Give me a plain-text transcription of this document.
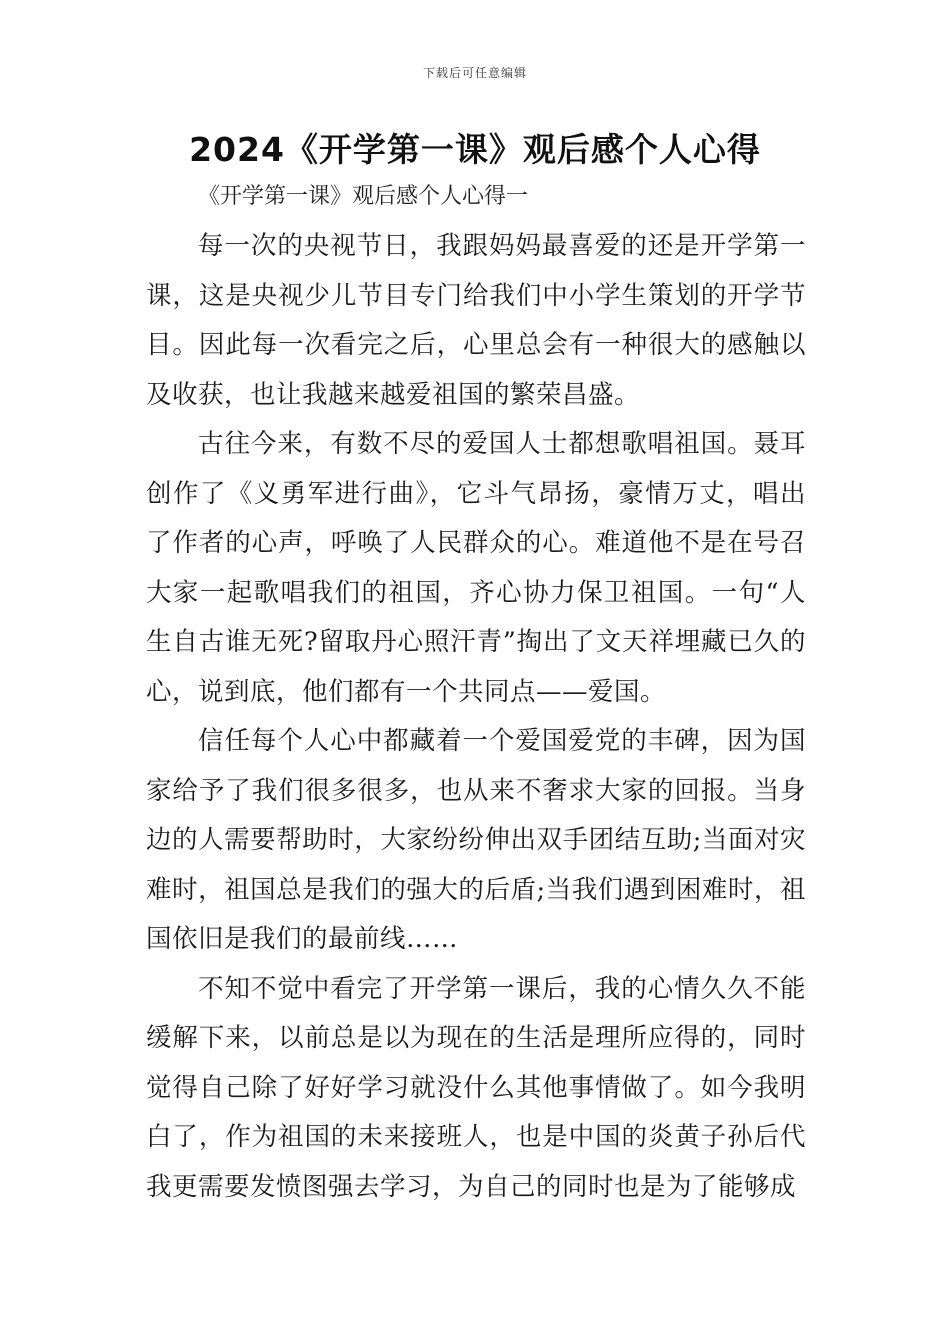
下载后可任意编辑
2024《开学第一课》观后感个人心得

《开学第一课》观后感个人心得一

每一次的央视节日，我跟妈妈最喜爱的还是开学第一课，这是央视少儿节目专门给我们中小学生策划的开学节目。因此每一次看完之后，心里总会有一种很大的感触以及收获，也让我越来越爱祖国的繁荣昌盛。

古往今来，有数不尽的爱国人士都想歌唱祖国。聂耳创作了《义勇军进行曲》，它斗气昂扬，豪情万丈，唱出了作者的心声，呼唤了人民群众的心。难道他不是在号召大家一起歌唱我们的祖国，齐心协力保卫祖国。一句“人生自古谁无死?留取丹心照汗青”掏出了文天祥埋藏已久的心，说到底，他们都有一个共同点——爱国。

信任每个人心中都藏着一个爱国爱党的丰碑，因为国家给予了我们很多很多，也从来不奢求大家的回报。当身边的人需要帮助时，大家纷纷伸出双手团结互助;当面对灾难时，祖国总是我们的强大的后盾;当我们遇到困难时，祖国依旧是我们的最前线……

不知不觉中看完了开学第一课后，我的心情久久不能缓解下来，以前总是以为现在的生活是理所应得的，同时觉得自己除了好好学习就没什么其他事情做了。如今我明白了，作为祖国的未来接班人，也是中国的炎黄子孙后代我更需要发愤图强去学习，为自己的同时也是为了能够成
